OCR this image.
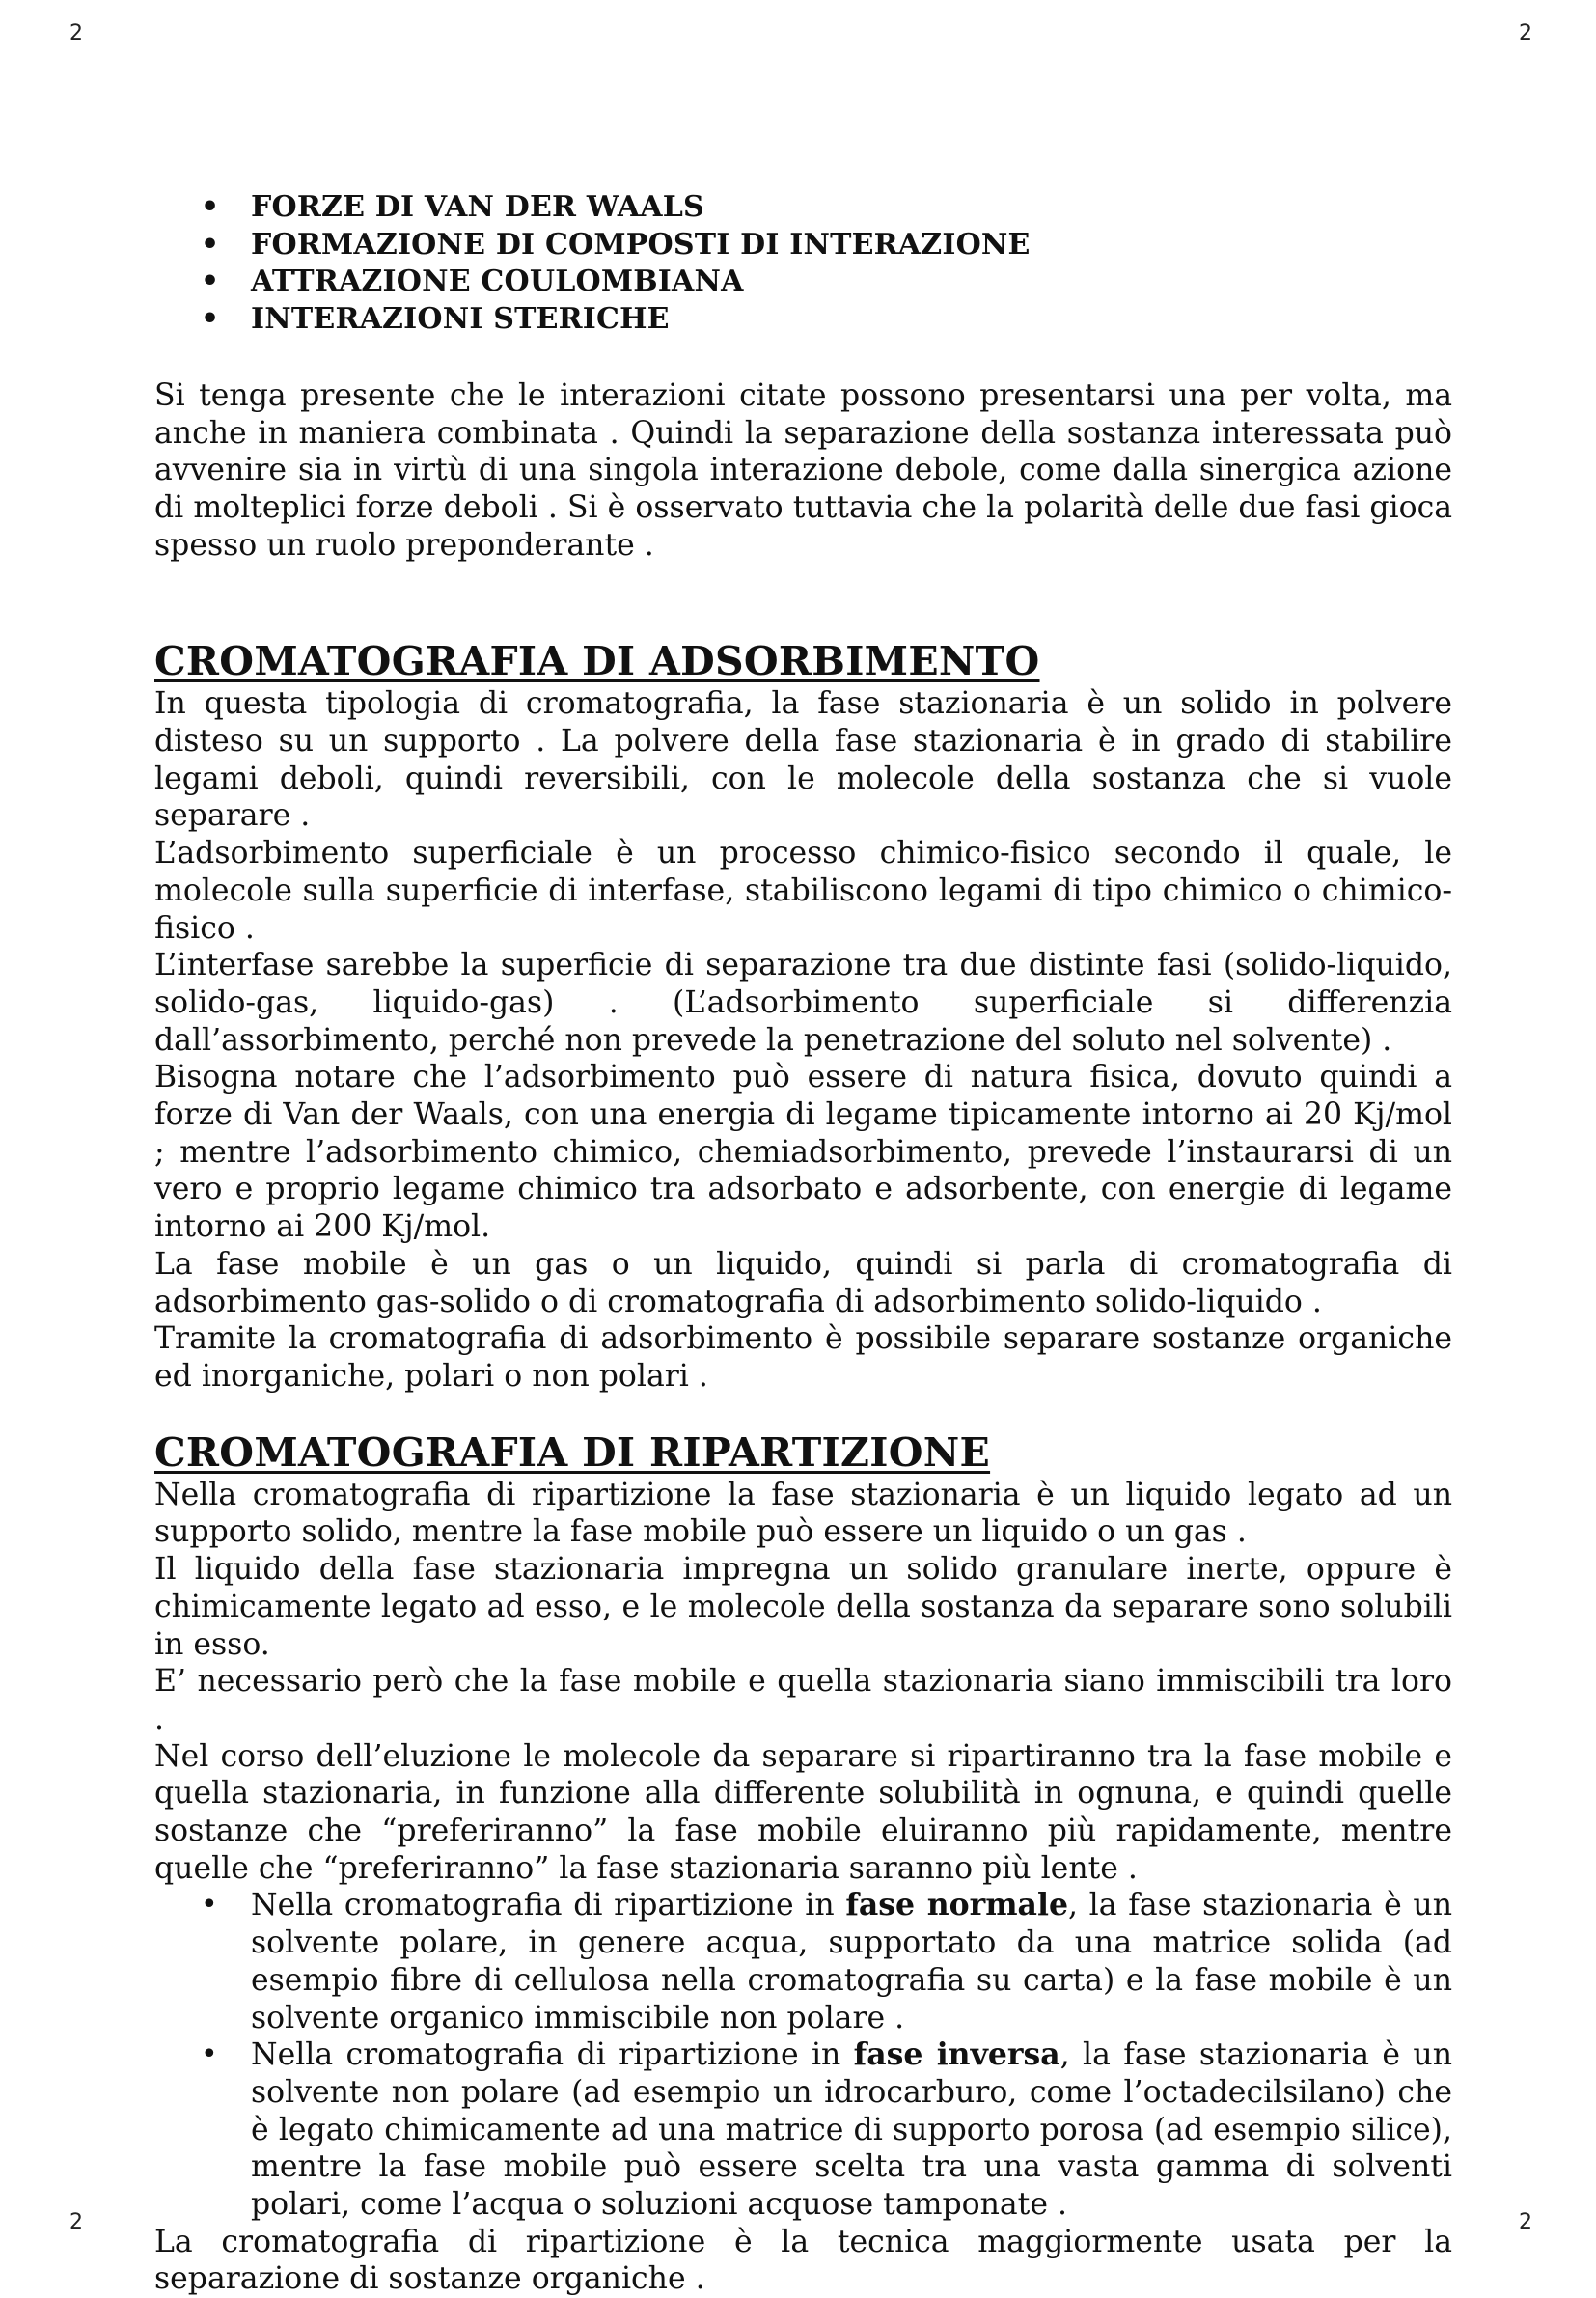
2	2
• FORZE DI VAN DER WAALS
• FORMAZIONE DI COMPOSTI DI INTERAZIONE
• ATTRAZIONE COULOMBIANA
• INTERAZIONI STERICHE

Si tenga presente che le interazioni citate possono presentarsi una per volta, ma anche in maniera combinata . Quindi la separazione della sostanza interessata può avvenire sia in virtù di una singola interazione debole, come dalla sinergica azione di molteplici forze deboli . Si è osservato tuttavia che la polarità delle due fasi gioca spesso un ruolo preponderante .

CROMATOGRAFIA DI ADSORBIMENTO

In questa tipologia di cromatografia, la fase stazionaria è un solido in polvere disteso su un supporto . La polvere della fase stazionaria è in grado di stabilire legami deboli, quindi reversibili, con le molecole della sostanza che si vuole separare .

L’adsorbimento superficiale è un processo chimico-fisico secondo il quale, le molecole sulla superficie di interfase, stabiliscono legami di tipo chimico o chimico-fisico .

L’interfase sarebbe la superficie di separazione tra due distinte fasi (solido-liquido, solido-gas, liquido-gas) . (L’adsorbimento superficiale si differenzia dall’assorbimento, perché non prevede la penetrazione del soluto nel solvente) .

Bisogna notare che l’adsorbimento può essere di natura fisica, dovuto quindi a forze di Van der Waals, con una energia di legame tipicamente intorno ai 20 Kj/mol ; mentre l’adsorbimento chimico, chemiadsorbimento, prevede l’instaurarsi di un vero e proprio legame chimico tra adsorbato e adsorbente, con energie di legame intorno ai 200 Kj/mol.

La fase mobile è un gas o un liquido, quindi si parla di cromatografia di adsorbimento gas-solido o di cromatografia di adsorbimento solido-liquido .

Tramite la cromatografia di adsorbimento è possibile separare sostanze organiche ed inorganiche, polari o non polari .

CROMATOGRAFIA DI RIPARTIZIONE

Nella cromatografia di ripartizione la fase stazionaria è un liquido legato ad un supporto solido, mentre la fase mobile può essere un liquido o un gas .

Il liquido della fase stazionaria impregna un solido granulare inerte, oppure è chimicamente legato ad esso, e le molecole della sostanza da separare sono solubili in esso.

E’ necessario però che la fase mobile e quella stazionaria siano immiscibili tra loro .

Nel corso dell’eluzione le molecole da separare si ripartiranno tra la fase mobile e quella stazionaria, in funzione alla differente solubilità in ognuna, e quindi quelle sostanze che “preferiranno” la fase mobile eluiranno più rapidamente, mentre quelle che “preferiranno” la fase stazionaria saranno più lente .

• Nella cromatografia di ripartizione in fase normale, la fase stazionaria è un solvente polare, in genere acqua, supportato da una matrice solida (ad esempio fibre di cellulosa nella cromatografia su carta) e la fase mobile è un solvente organico immiscibile non polare .
• Nella cromatografia di ripartizione in fase inversa, la fase stazionaria è un solvente non polare (ad esempio un idrocarburo, come l’octadecilsilano) che è legato chimicamente ad una matrice di supporto porosa (ad esempio silice), mentre la fase mobile può essere scelta tra una vasta gamma di solventi polari, come l’acqua o soluzioni acquose tamponate .

La cromatografia di ripartizione è la tecnica maggiormente usata per la separazione di sostanze organiche .

2	2
